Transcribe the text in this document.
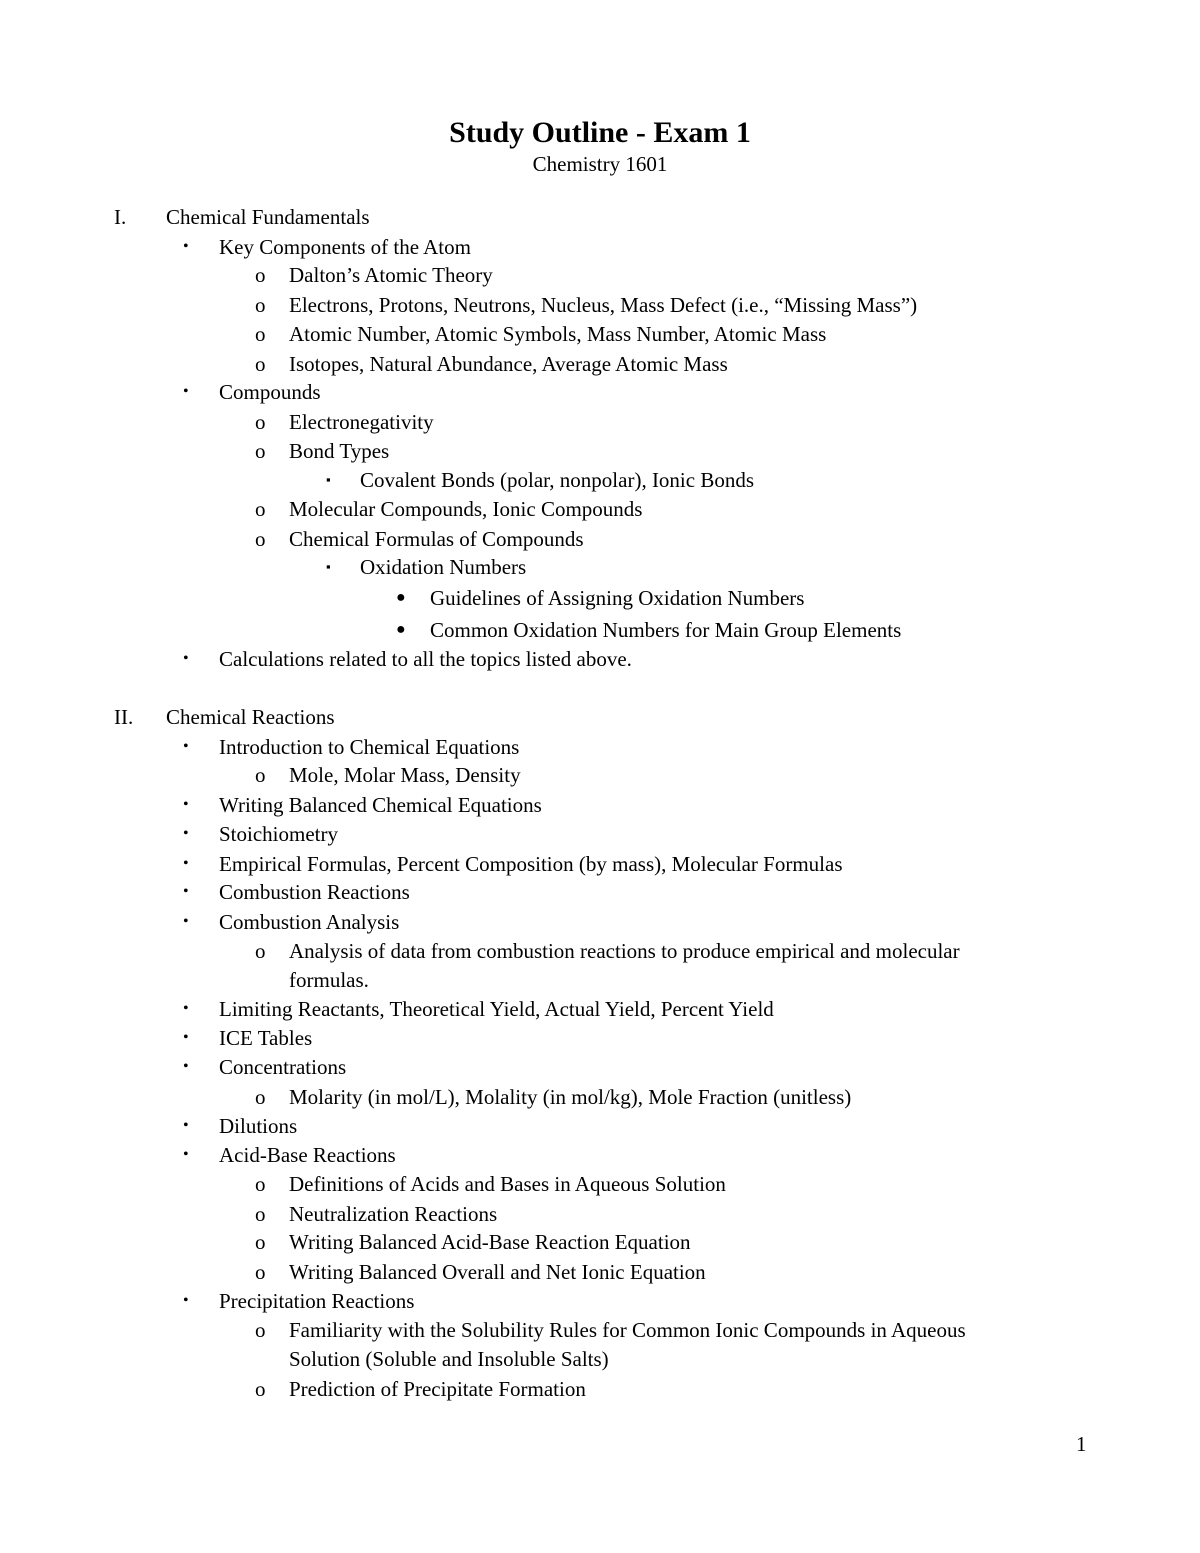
Study Outline - Exam 1
Chemistry 1601
I. Chemical Fundamentals
• Key Components of the Atom
o Dalton’s Atomic Theory
o Electrons, Protons, Neutrons, Nucleus, Mass Defect (i.e., “Missing Mass”)
o Atomic Number, Atomic Symbols, Mass Number, Atomic Mass
o Isotopes, Natural Abundance, Average Atomic Mass
• Compounds
o Electronegativity
o Bond Types
▪ Covalent Bonds (polar, nonpolar), Ionic Bonds
o Molecular Compounds, Ionic Compounds
o Chemical Formulas of Compounds
▪ Oxidation Numbers
● Guidelines of Assigning Oxidation Numbers
● Common Oxidation Numbers for Main Group Elements
• Calculations related to all the topics listed above.
II. Chemical Reactions
• Introduction to Chemical Equations
o Mole, Molar Mass, Density
• Writing Balanced Chemical Equations
• Stoichiometry
• Empirical Formulas, Percent Composition (by mass), Molecular Formulas
• Combustion Reactions
• Combustion Analysis
o Analysis of data from combustion reactions to produce empirical and molecular
formulas.
• Limiting Reactants, Theoretical Yield, Actual Yield, Percent Yield
• ICE Tables
• Concentrations
o Molarity (in mol/L), Molality (in mol/kg), Mole Fraction (unitless)
• Dilutions
• Acid-Base Reactions
o Definitions of Acids and Bases in Aqueous Solution
o Neutralization Reactions
o Writing Balanced Acid-Base Reaction Equation
o Writing Balanced Overall and Net Ionic Equation
• Precipitation Reactions
o Familiarity with the Solubility Rules for Common Ionic Compounds in Aqueous
Solution (Soluble and Insoluble Salts)
o Prediction of Precipitate Formation
1
